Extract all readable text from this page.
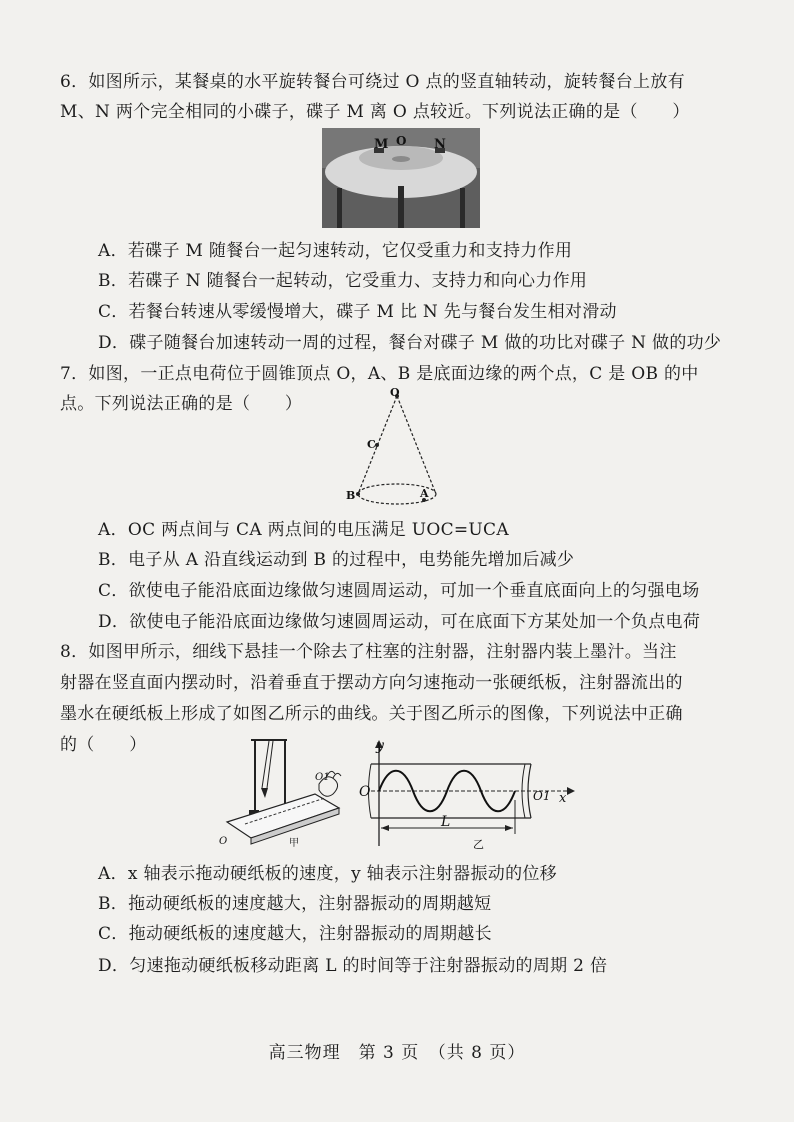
6．如图所示，某餐桌的水平旋转餐台可绕过 O 点的竖直轴转动，旋转餐台上放有
M、N 两个完全相同的小碟子，碟子 M 离 O 点较近。下列说法正确的是（　　）
M O N
A．若碟子 M 随餐台一起匀速转动，它仅受重力和支持力作用
B．若碟子 N 随餐台一起转动，它受重力、支持力和向心力作用
C．若餐台转速从零缓慢增大，碟子 M 比 N 先与餐台发生相对滑动
D．碟子随餐台加速转动一周的过程，餐台对碟子 M 做的功比对碟子 N 做的功少
7．如图，一正点电荷位于圆锥顶点 O，A、B 是底面边缘的两个点，C 是 OB 的中
点。下列说法正确的是（　　）
O
C
B	A
A．OC 两点间与 CA 两点间的电压满足 UOC=UCA
B．电子从 A 沿直线运动到 B 的过程中，电势能先增加后减少
C．欲使电子能沿底面边缘做匀速圆周运动，可加一个垂直底面向上的匀强电场
D．欲使电子能沿底面边缘做匀速圆周运动，可在底面下方某处加一个负点电荷
8．如图甲所示，细线下悬挂一个除去了柱塞的注射器，注射器内装上墨汁。当注
射器在竖直面内摆动时，沿着垂直于摆动方向匀速拖动一张硬纸板，注射器流出的
墨水在硬纸板上形成了如图乙所示的曲线。关于图乙所示的图像，下列说法中正确
的（　　）
O1
O	甲
y
O	O1 x
L
乙
A．x 轴表示拖动硬纸板的速度，y 轴表示注射器振动的位移
B．拖动硬纸板的速度越大，注射器振动的周期越短
C．拖动硬纸板的速度越大，注射器振动的周期越长
D．匀速拖动硬纸板移动距离 L 的时间等于注射器振动的周期 2 倍
高三物理　第 3 页　（共 8 页）
